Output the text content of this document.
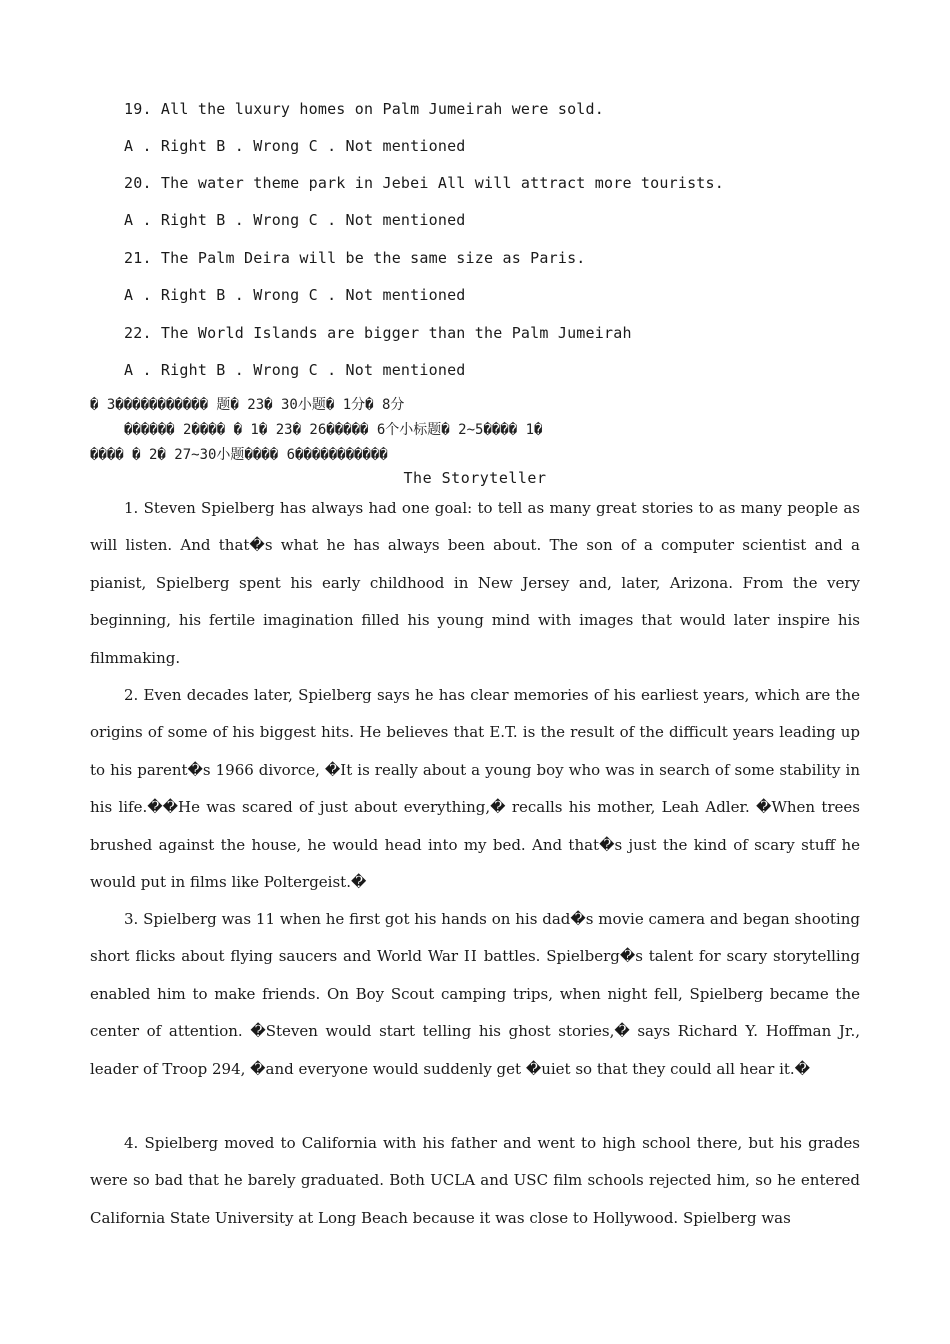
19. All the luxury homes on Palm Jumeirah were sold.
A . Right B . Wrong C . Not mentioned
20. The water theme park in Jebei All will attract more tourists.
A . Right B . Wrong C . Not mentioned
21. The Palm Deira will be the same size as Paris.
A . Right B . Wrong C . Not mentioned
22. The World Islands are bigger than the Palm Jumeirah
A . Right B . Wrong C . Not mentioned
� 3����������� 题� 23� 30小题� 1分� 8分
������ 2���� � 1� 23� 26����� 6个小标题� 2~5���� 1�
���� � 2� 27~30小题���� 6�����������
The Storyteller

1. Steven Spielberg has always had one goal: to tell as many great stories to as many people as will listen. And that�s what he has always been about. The son of a computer scientist and a pianist, Spielberg spent his early childhood in New Jersey and, later, Arizona. From the very beginning, his fertile imagination filled his young mind with images that would later inspire his filmmaking.

2. Even decades later, Spielberg says he has clear memories of his earliest years, which are the origins of some of his biggest hits. He believes that E.T. is the result of the difficult years leading up to his parent�s 1966 divorce, �It is really about a young boy who was in search of some stability in his life.��He was scared of just about everything,� recalls his mother, Leah Adler. �When trees brushed against the house, he would head into my bed. And that�s just the kind of scary stuff he would put in films like Poltergeist.�

3. Spielberg was 11 when he first got his hands on his dad�s movie camera and began shooting short flicks about flying saucers and World War ⅠⅠ battles. Spielberg�s talent for scary storytelling enabled him to make friends. On Boy Scout camping trips, when night fell, Spielberg became the center of attention. �Steven would start telling his ghost stories,� says Richard Y. Hoffman Jr., leader of Troop 294, �and everyone would suddenly get �uiet so that they could all hear it.�

4. Spielberg moved to California with his father and went to high school there, but his grades were so bad that he barely graduated. Both UCLA and USC film schools rejected him, so he entered California State University at Long Beach because it was close to Hollywood. Spielberg was
